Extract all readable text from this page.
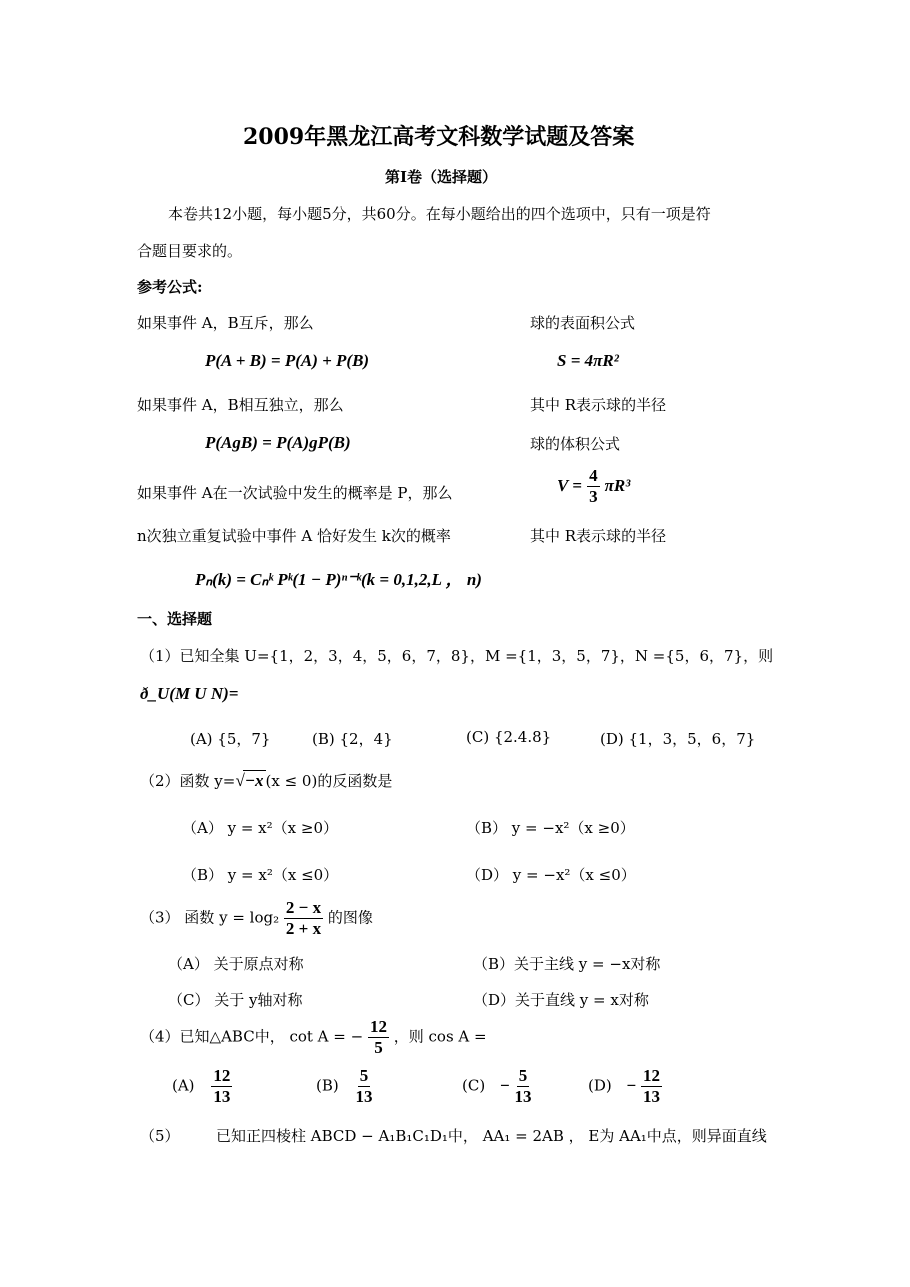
2009年黑龙江高考文科数学试题及答案
第Ⅰ卷（选择题）
本卷共12小题，每小题5分，共60分。在每小题给出的四个选项中，只有一项是符
合题目要求的。
参考公式:
如果事件 A，B互斥，那么	球的表面积公式
P(A + B) = P(A) + P(B)	S = 4πR²
如果事件 A，B相互独立，那么	其中 R表示球的半径
P(AgB) = P(A)gP(B)	球的体积公式
如果事件 A在一次试验中发生的概率是 P，那么	$V = \frac{4}{3} \pi R^3$
n次独立重复试验中事件 A 恰好发生 k次的概率	其中 R表示球的半径
Pₙ(k) = Cₙᵏ Pᵏ(1 − P)ⁿ⁻ᵏ(k = 0,1,2,L ， n)
一、选择题
（1）已知全集 U={1，2，3，4，5，6，7，8}，M ={1，3，5，7}，N ={5，6，7}，则
ð_U(M U N)=
(A) {5，7}	(B) {2，4}	(C) {2.4.8}	(D) {1，3，5，6，7}
（2）函数 y=√−x (x ≤ 0)的反函数是
（A） y = x²（x ≥0）	（B） y = −x²（x ≥0）
（B） y = x²（x ≤0）	（D） y = −x²（x ≤0）
（3） 函数 $y = \log_2 \frac{2 - x}{2 + x}$ 的图像
（A） 关于原点对称	（B）关于主线 y = −x对称
（C） 关于 y轴对称	（D）关于直线 y = x对称
（4）已知△ABC中， cot A = − $\frac{12}{5}$ ，则 cos A =
$(A) \frac{12}{13}$	$(B) \frac{5}{13}$	$(C) - \frac{5}{13}$	$(D) - \frac{12}{13}$
（5） 已知正四棱柱 ABCD − A₁B₁C₁D₁中， AA₁ = 2AB ， E为 AA₁中点，则异面直线
